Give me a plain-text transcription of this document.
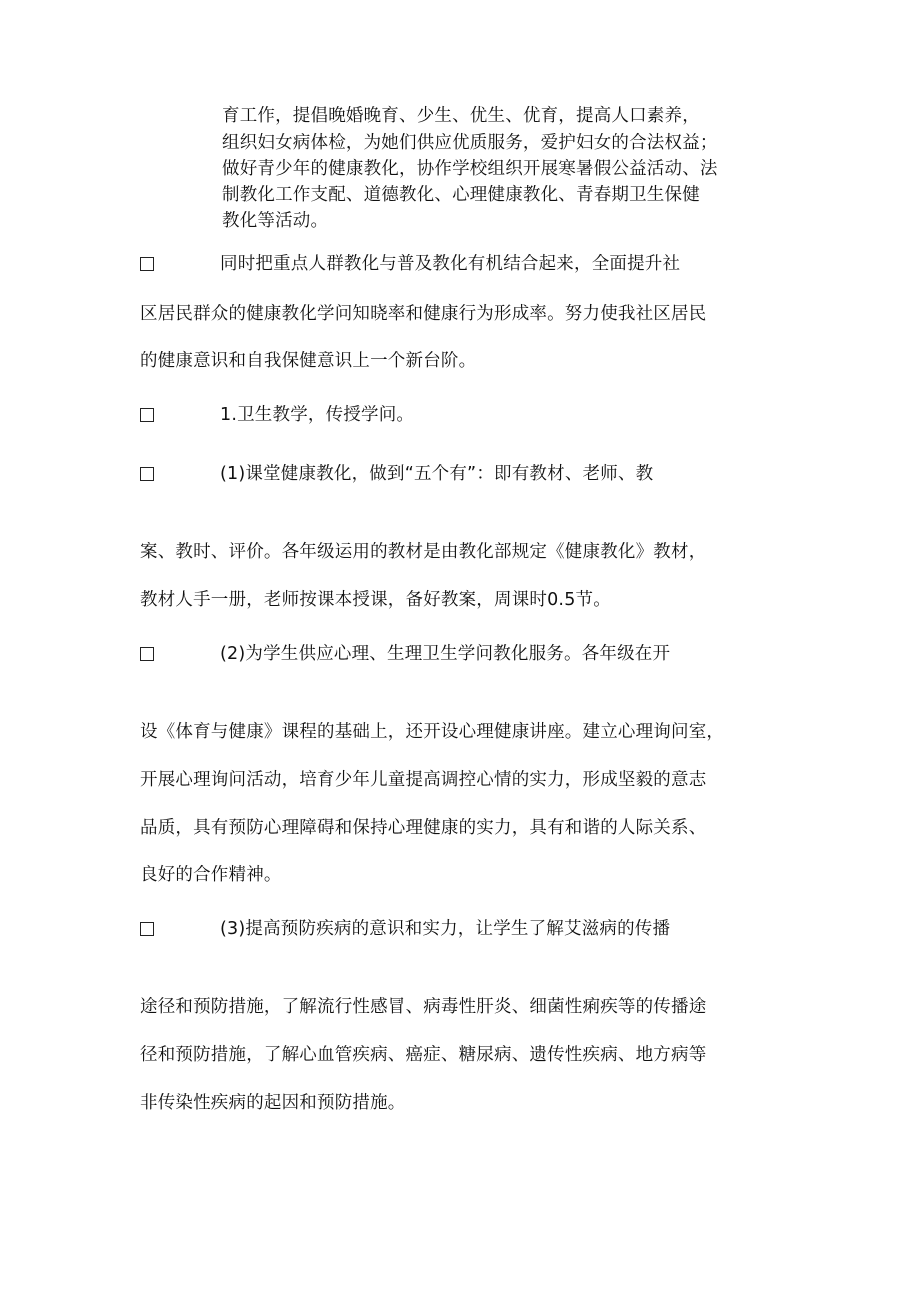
育工作，提倡晚婚晚育、少生、优生、优育，提高人口素养，
组织妇女病体检，为她们供应优质服务，爱护妇女的合法权益；
做好青少年的健康教化，协作学校组织开展寒暑假公益活动、法
制教化工作支配、道德教化、心理健康教化、青春期卫生保健
教化等活动。
同时把重点人群教化与普及教化有机结合起来，全面提升社
区居民群众的健康教化学问知晓率和健康行为形成率。努力使我社区居民
的健康意识和自我保健意识上一个新台阶。
1.卫生教学，传授学问。
(1)课堂健康教化，做到“五个有”：即有教材、老师、教
案、教时、评价。各年级运用的教材是由教化部规定《健康教化》教材，
教材人手一册，老师按课本授课，备好教案，周课时0.5节。
(2)为学生供应心理、生理卫生学问教化服务。各年级在开
设《体育与健康》课程的基础上，还开设心理健康讲座。建立心理询问室，
开展心理询问活动，培育少年儿童提高调控心情的实力，形成坚毅的意志
品质，具有预防心理障碍和保持心理健康的实力，具有和谐的人际关系、
良好的合作精神。
(3)提高预防疾病的意识和实力，让学生了解艾滋病的传播
途径和预防措施，了解流行性感冒、病毒性肝炎、细菌性痢疾等的传播途
径和预防措施，了解心血管疾病、癌症、糖尿病、遗传性疾病、地方病等
非传染性疾病的起因和预防措施。
